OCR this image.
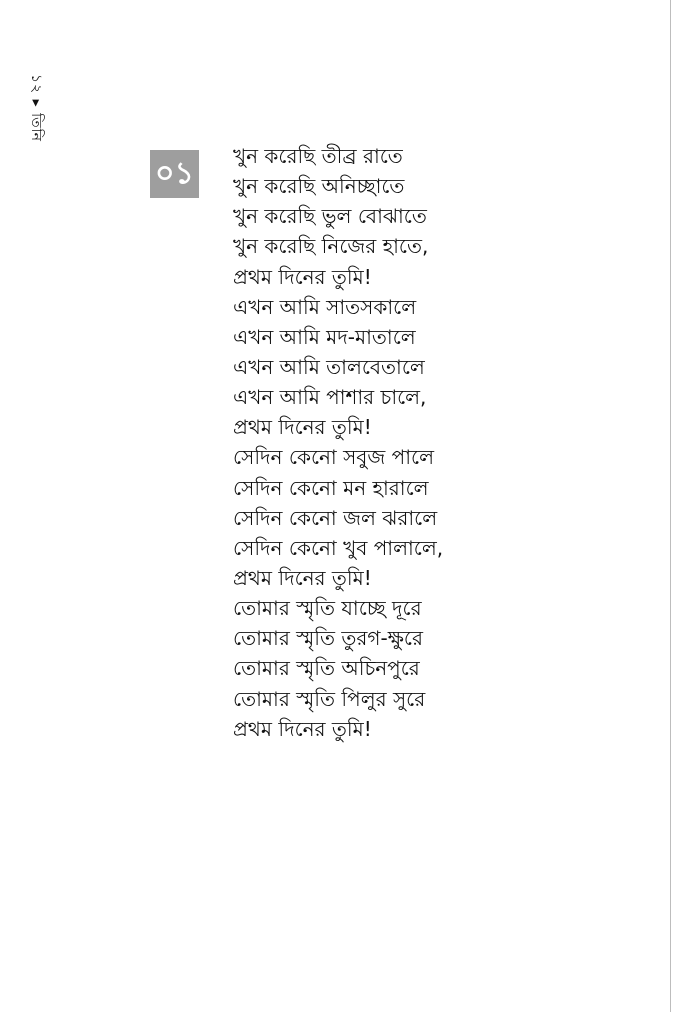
১২ ▸ তিনি
০১ খুন করেছি তীব্র রাতে
খুন করেছি অনিচ্ছাতে
খুন করেছি ভুল বোঝাতে
খুন করেছি নিজের হাতে,
প্রথম দিনের তুমি!
এখন আমি সাতসকালে
এখন আমি মদ-মাতালে
এখন আমি তালবেতালে
এখন আমি পাশার চালে,
প্রথম দিনের তুমি!
সেদিন কেনো সবুজ পালে
সেদিন কেনো মন হারালে
সেদিন কেনো জল ঝরালে
সেদিন কেনো খুব পালালে,
প্রথম দিনের তুমি!
তোমার স্মৃতি যাচ্ছে দূরে
তোমার স্মৃতি তুরগ-ক্ষুরে
তোমার স্মৃতি অচিনপুরে
তোমার স্মৃতি পিলুর সুরে
প্রথম দিনের তুমি!
